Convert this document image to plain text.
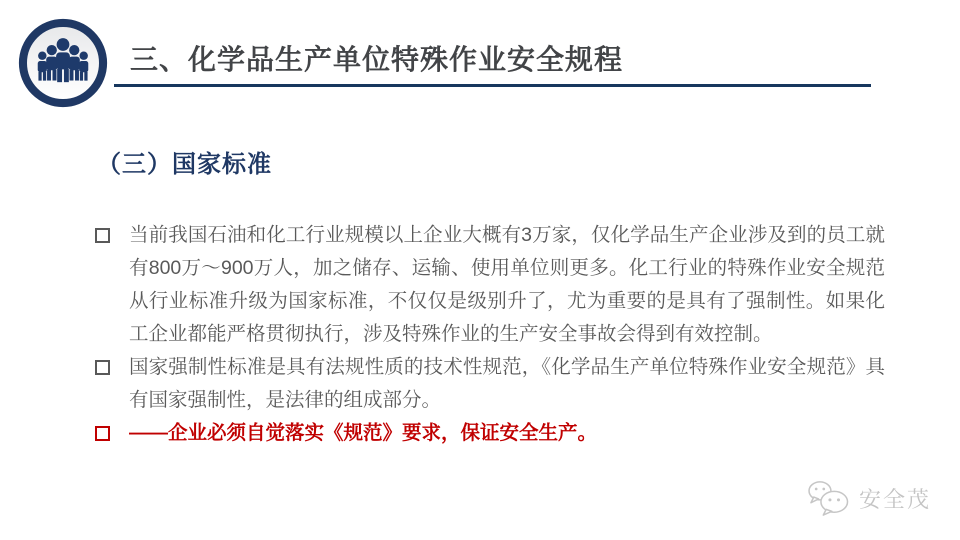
三、化学品生产单位特殊作业安全规程
（三）国家标准
当前我国石油和化工行业规模以上企业大概有3万家，仅化学品生产企业涉及到的员工就有800万～900万人，加之储存、运输、使用单位则更多。化工行业的特殊作业安全规范从行业标准升级为国家标准，不仅仅是级别升了，尤为重要的是具有了强制性。如果化工企业都能严格贯彻执行，涉及特殊作业的生产安全事故会得到有效控制。
国家强制性标准是具有法规性质的技术性规范，《化学品生产单位特殊作业安全规范》具有国家强制性，是法律的组成部分。
——企业必须自觉落实《规范》要求，保证安全生产。
安全茂
